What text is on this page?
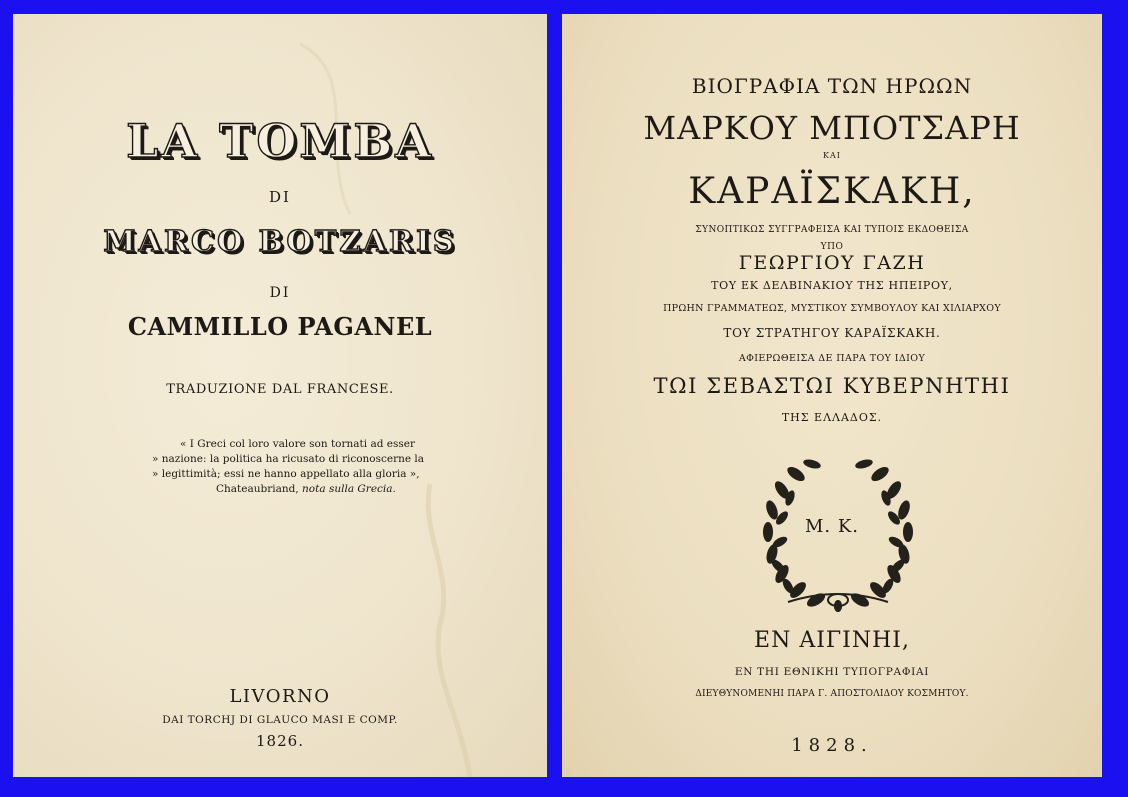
LA TOMBA

DI

MARCO BOTZARIS

DI

CAMMILLO PAGANEL

TRADUZIONE DAL FRANCESE.

« I Greci col loro valore son tornati ad esser
» nazione: la politica ha ricusato di riconoscerne la
» legittimità; essi ne hanno appellato alla gloria »,
Chateaubriand, nota sulla Grecia.

LIVORNO

DAI TORCHJ DI GLAUCO MASI E COMP.

1826.

ΒΙΟΓΡΑΦΙΑ ΤΩΝ ΗΡΩΩΝ

ΜΑΡΚΟΥ ΜΠΟΤΣΑΡΗ

ΚΑΙ

ΚΑΡΑΪΣΚΑΚΗ,

ΣΥΝΟΠΤΙΚΩΣ ΣΥΓΓΡΑΦΕΙΣΑ ΚΑΙ ΤΥΠΟΙΣ ΕΚΔΟΘΕΙΣΑ

ΥΠΟ

ΓΕΩΡΓΙΟΥ ΓΑΖΗ

ΤΟΥ ΕΚ ΔΕΛΒΙΝΑΚΙΟΥ ΤΗΣ ΗΠΕΙΡΟΥ,

ΠΡΩΗΝ ΓΡΑΜΜΑΤΕΩΣ, ΜΥΣΤΙΚΟΥ ΣΥΜΒΟΥΛΟΥ ΚΑΙ ΧΙΛΙΑΡΧΟΥ

ΤΟΥ ΣΤΡΑΤΗΓΟΥ ΚΑΡΑΪΣΚΑΚΗ.

ΑΦΙΕΡΩΘΕΙΣΑ ΔΕ ΠΑΡΑ ΤΟΥ ΙΔΙΟΥ

ΤΩΙ ΣΕΒΑΣΤΩΙ ΚΥΒΕΡΝΗΤΗΙ

ΤΗΣ ΕΛΛΑΔΟΣ.

Μ. Κ.

ΕΝ ΑΙΓΙΝΗΙ,

ΕΝ ΤΗΙ ΕΘΝΙΚΗΙ ΤΥΠΟΓΡΑΦΙΑΙ

ΔΙΕΥΘΥΝΟΜΕΝΗΙ ΠΑΡΑ Γ. ΑΠΟΣΤΟΛΙΔΟΥ ΚΟΣΜΗΤΟΥ.

1828.
